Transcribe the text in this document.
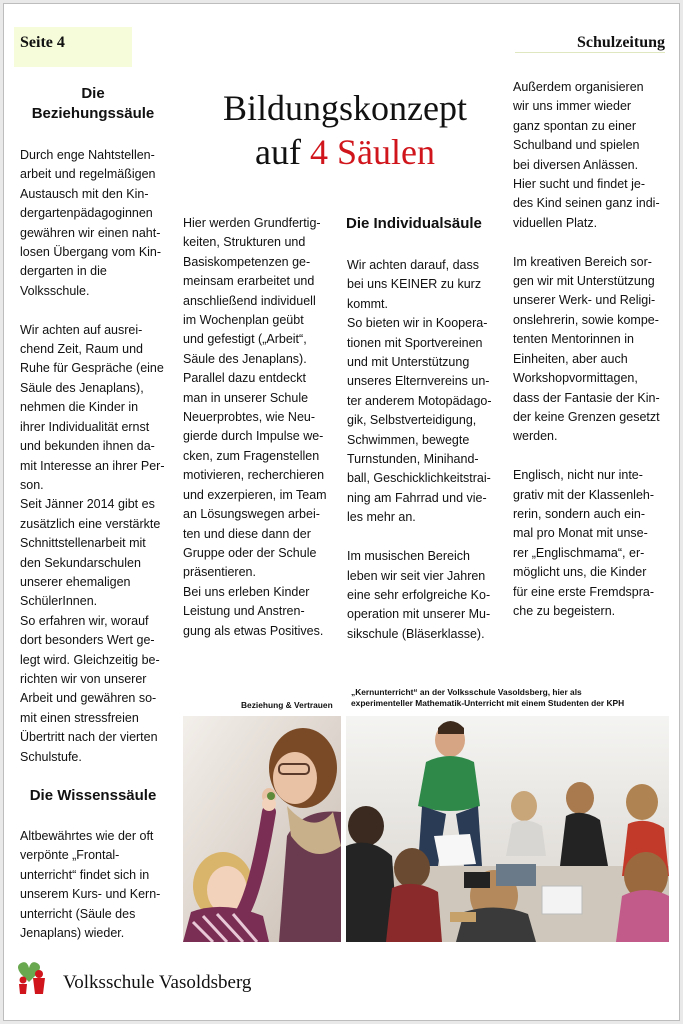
Seite 4	Schulzeitung
Bildungskonzept
auf 4 Säulen
Die
Beziehungssäule
Durch enge Nahtstellen-
arbeit und regelmäßigen
Austausch mit den Kin-
dergartenpädagoginnen
gewähren wir einen naht-
losen Übergang vom Kin-
dergarten in die
Volksschule.

Wir achten auf ausrei-
chend Zeit, Raum und
Ruhe für Gespräche (eine
Säule des Jenaplans),
nehmen die Kinder in
ihrer Individualität ernst
und bekunden ihnen da-
mit Interesse an ihrer Per-
son.
Seit Jänner 2014 gibt es
zusätzlich eine verstärkte
Schnittstellenarbeit mit
den Sekundarschulen
unserer ehemaligen
SchülerInnen.
So erfahren wir, worauf
dort besonders Wert ge-
legt wird. Gleichzeitig be-
richten wir von unserer
Arbeit und gewähren so-
mit einen stressfreien
Übertritt nach der vierten
Schulstufe.
Die Wissenssäule
Altbewährtes wie der oft
verpönte „Frontal-
unterricht“ findet sich in
unserem Kurs- und Kern-
unterricht (Säule des
Jenaplans) wieder.
Hier werden Grundfertig-
keiten, Strukturen und
Basiskompetenzen ge-
meinsam erarbeitet und
anschließend individuell
im Wochenplan geübt
und gefestigt („Arbeit“,
Säule des Jenaplans).
Parallel dazu entdeckt
man in unserer Schule
Neuerprobtes, wie Neu-
gierde durch Impulse we-
cken, zum Fragenstellen
motivieren, recherchieren
und exzerpieren, im Team
an Lösungswegen arbei-
ten und diese dann der
Gruppe oder der Schule
präsentieren.
Bei uns erleben Kinder
Leistung und Anstren-
gung als etwas Positives.
Die Individualsäule
Wir achten darauf, dass
bei uns KEINER zu kurz
kommt.
So bieten wir in Koopera-
tionen mit Sportvereinen
und mit Unterstützung
unseres Elternvereins un-
ter anderem Motopädago-
gik, Selbstverteidigung,
Schwimmen, bewegte
Turnstunden, Minihand-
ball, Geschicklichkeitstrai-
ning am Fahrrad und vie-
les mehr an.

Im musischen Bereich
leben wir seit vier Jahren
eine sehr erfolgreiche Ko-
operation mit unserer Mu-
sikschule (Bläserklasse).
Außerdem organisieren
wir uns immer wieder
ganz spontan zu einer
Schulband und spielen
bei diversen Anlässen.
Hier sucht und findet je-
des Kind seinen ganz indi-
viduellen Platz.

Im kreativen Bereich sor-
gen wir mit Unterstützung
unserer Werk- und Religi-
onslehrerin, sowie kompe-
tenten Mentorinnen in
Einheiten, aber auch
Workshopvormittagen,
dass der Fantasie der Kin-
der keine Grenzen gesetzt
werden.

Englisch, nicht nur inte-
grativ mit der Klassenleh-
rerin, sondern auch ein-
mal pro Monat mit unse-
rer „Englischmama“, er-
möglicht uns, die Kinder
für eine erste Fremdspra-
che zu begeistern.
Beziehung & Vertrauen
„Kernunterricht“ an der Volksschule Vasoldsberg, hier als
experimenteller Mathematik-Unterricht mit einem Studenten der KPH
Volksschule Vasoldsberg
